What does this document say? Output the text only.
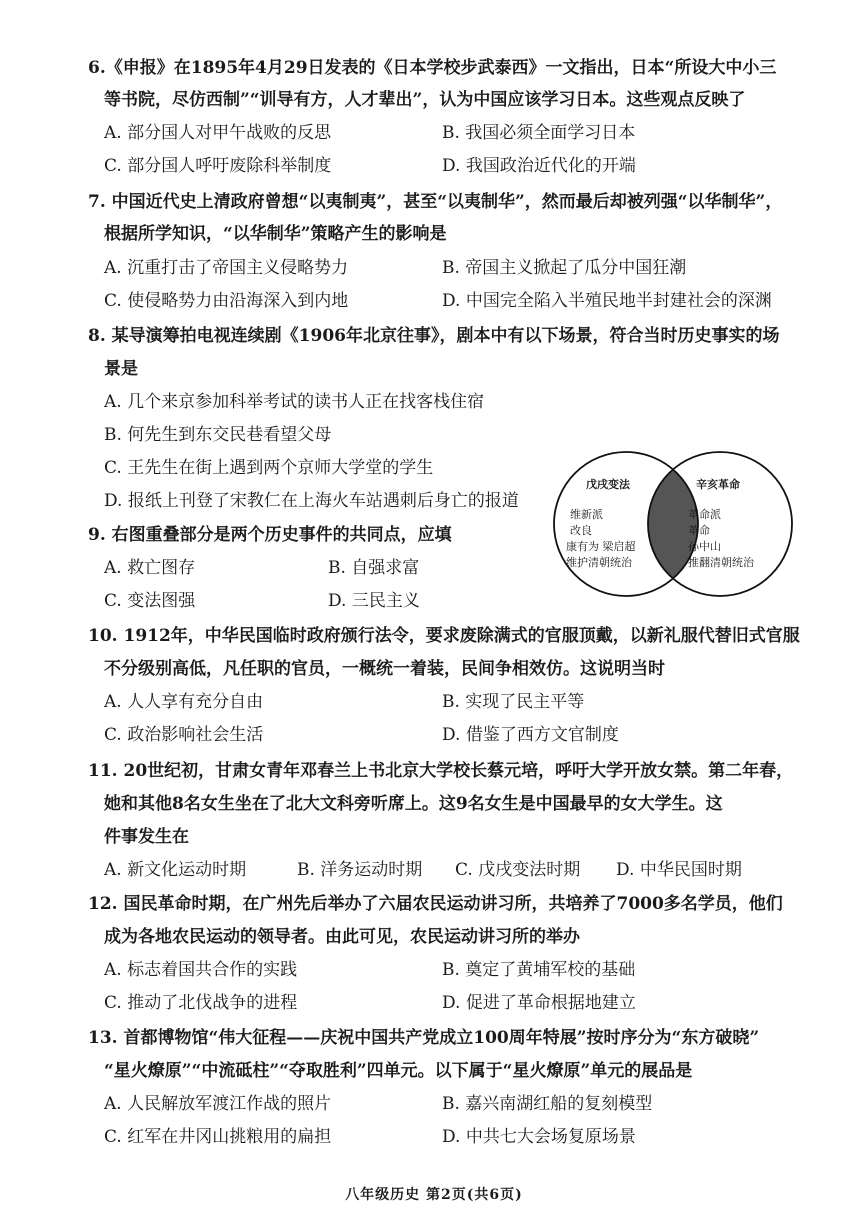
6.《申报》在1895年4月29日发表的《日本学校步武泰西》一文指出，日本“所设大中小三
等书院，尽仿西制”“训导有方，人才辈出”，认为中国应该学习日本。这些观点反映了
A. 部分国人对甲午战败的反思	B. 我国必须全面学习日本
C. 部分国人呼吁废除科举制度	D. 我国政治近代化的开端
7. 中国近代史上清政府曾想“以夷制夷”，甚至“以夷制华”，然而最后却被列强“以华制华”，
根据所学知识，“以华制华”策略产生的影响是
A. 沉重打击了帝国主义侵略势力	B. 帝国主义掀起了瓜分中国狂潮
C. 使侵略势力由沿海深入到内地	D. 中国完全陷入半殖民地半封建社会的深渊
8. 某导演筹拍电视连续剧《1906年北京往事》，剧本中有以下场景，符合当时历史事实的场
景是
A. 几个来京参加科举考试的读书人正在找客栈住宿
B. 何先生到东交民巷看望父母
C. 王先生在街上遇到两个京师大学堂的学生
D. 报纸上刊登了宋教仁在上海火车站遇刺后身亡的报道
9. 右图重叠部分是两个历史事件的共同点，应填
A. 救亡图存	B. 自强求富
C. 变法图强	D. 三民主义
戊戌变法
维新派
改良
康有为 梁启超
维护清朝统治
辛亥革命
革命派
革命
孙中山
推翻清朝统治
10. 1912年，中华民国临时政府颁行法令，要求废除满式的官服顶戴，以新礼服代替旧式官服
不分级别高低，凡任职的官员，一概统一着装，民间争相效仿。这说明当时
A. 人人享有充分自由	B. 实现了民主平等
C. 政治影响社会生活	D. 借鉴了西方文官制度
11. 20世纪初，甘肃女青年邓春兰上书北京大学校长蔡元培，呼吁大学开放女禁。第二年春，
她和其他8名女生坐在了北大文科旁听席上。这9名女生是中国最早的女大学生。这
件事发生在
A. 新文化运动时期	B. 洋务运动时期 C. 戊戌变法时期 D. 中华民国时期
12. 国民革命时期，在广州先后举办了六届农民运动讲习所，共培养了7000多名学员，他们
成为各地农民运动的领导者。由此可见，农民运动讲习所的举办
A. 标志着国共合作的实践	B. 奠定了黄埔军校的基础
C. 推动了北伐战争的进程	D. 促进了革命根据地建立
13. 首都博物馆“伟大征程——庆祝中国共产党成立100周年特展”按时序分为“东方破晓”
“星火燎原”“中流砥柱”“夺取胜利”四单元。以下属于“星火燎原”单元的展品是
A. 人民解放军渡江作战的照片	B. 嘉兴南湖红船的复刻模型
C. 红军在井冈山挑粮用的扁担	D. 中共七大会场复原场景
八年级历史 第2页(共6页)
